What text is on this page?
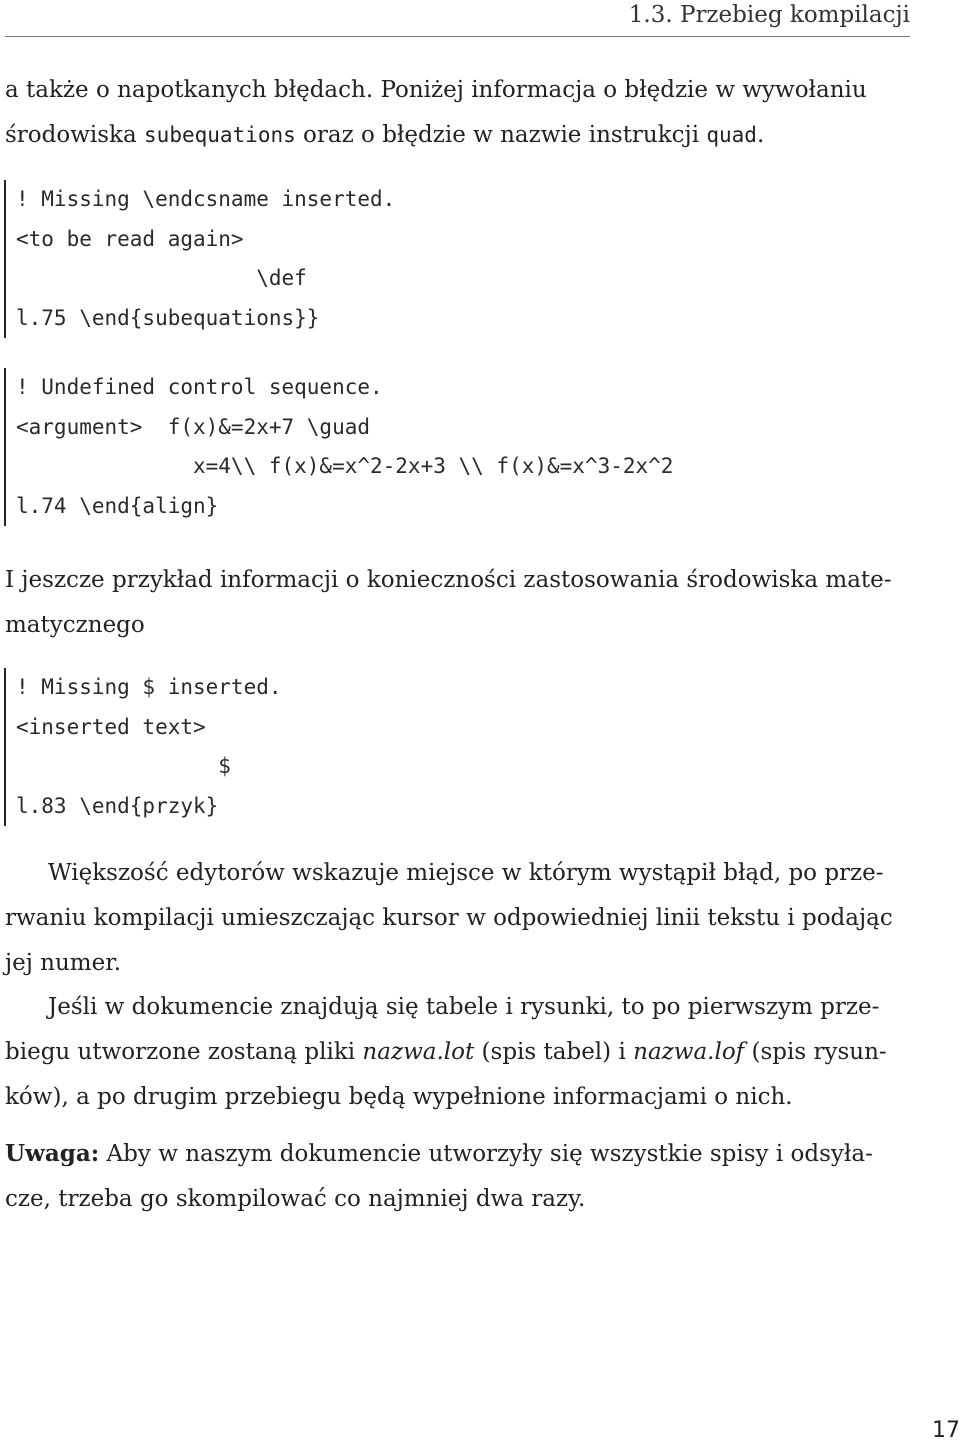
1.3. Przebieg kompilacji
a także o napotkanych błędach. Poniżej informacja o błędzie w wywołaniu
środowiska subequations oraz o błędzie w nazwie instrukcji quad.
! Missing \endcsname inserted.
<to be read again>
\def
l.75 \end{subequations}}
! Undefined control sequence.
<argument>  f(x)&=2x+7 \guad
x=4\\ f(x)&=x^2-2x+3 \\ f(x)&=x^3-2x^2
l.74 \end{align}
I jeszcze przykład informacji o konieczności zastosowania środowiska mate-
matycznego
! Missing $ inserted.
<inserted text>
$
l.83 \end{przyk}
Większość edytorów wskazuje miejsce w którym wystąpił błąd, po prze-
rwaniu kompilacji umieszczając kursor w odpowiedniej linii tekstu i podając
jej numer.
Jeśli w dokumencie znajdują się tabele i rysunki, to po pierwszym prze-
biegu utworzone zostaną pliki nazwa.lot (spis tabel) i nazwa.lof (spis rysun-
ków), a po drugim przebiegu będą wypełnione informacjami o nich.
Uwaga: Aby w naszym dokumencie utworzyły się wszystkie spisy i odsyła-
cze, trzeba go skompilować co najmniej dwa razy.
17
